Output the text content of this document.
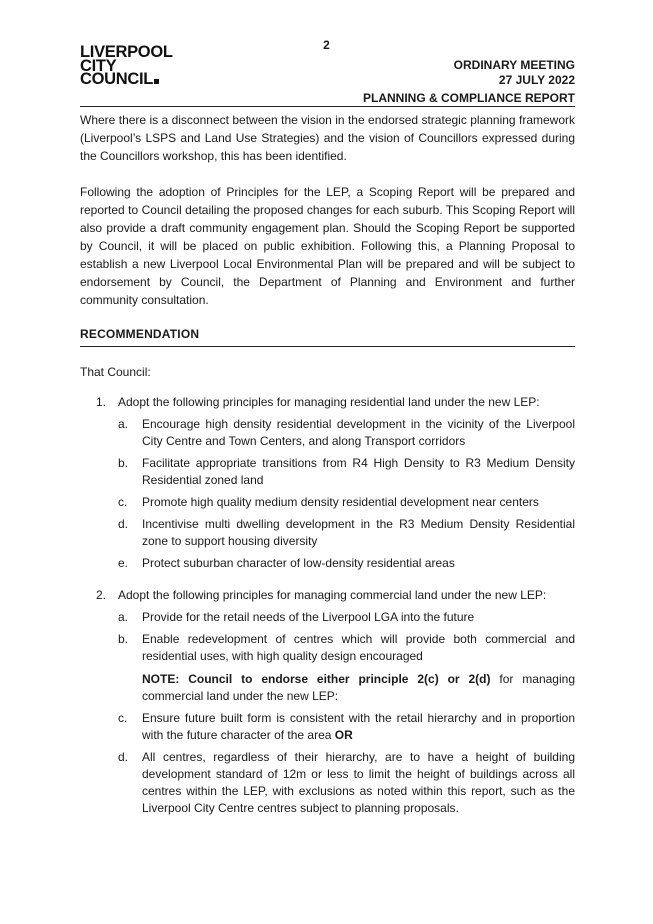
2
LIVERPOOL
CITY
COUNCIL
ORDINARY MEETING
27 JULY 2022
PLANNING & COMPLIANCE REPORT

Where there is a disconnect between the vision in the endorsed strategic planning framework (Liverpool’s LSPS and Land Use Strategies) and the vision of Councillors expressed during the Councillors workshop, this has been identified.

Following the adoption of Principles for the LEP, a Scoping Report will be prepared and reported to Council detailing the proposed changes for each suburb. This Scoping Report will also provide a draft community engagement plan. Should the Scoping Report be supported by Council, it will be placed on public exhibition. Following this, a Planning Proposal to establish a new Liverpool Local Environmental Plan will be prepared and will be subject to endorsement by Council, the Department of Planning and Environment and further community consultation.

RECOMMENDATION
That Council:
1. Adopt the following principles for managing residential land under the new LEP:
a. Encourage high density residential development in the vicinity of the Liverpool City Centre and Town Centers, and along Transport corridors
b. Facilitate appropriate transitions from R4 High Density to R3 Medium Density Residential zoned land
c. Promote high quality medium density residential development near centers
d. Incentivise multi dwelling development in the R3 Medium Density Residential zone to support housing diversity
e. Protect suburban character of low-density residential areas
2. Adopt the following principles for managing commercial land under the new LEP:
a. Provide for the retail needs of the Liverpool LGA into the future
b. Enable redevelopment of centres which will provide both commercial and residential uses, with high quality design encouraged
NOTE: Council to endorse either principle 2(c) or 2(d) for managing commercial land under the new LEP:
c. Ensure future built form is consistent with the retail hierarchy and in proportion with the future character of the area OR
d. All centres, regardless of their hierarchy, are to have a height of building development standard of 12m or less to limit the height of buildings across all centres within the LEP, with exclusions as noted within this report, such as the Liverpool City Centre centres subject to planning proposals.
